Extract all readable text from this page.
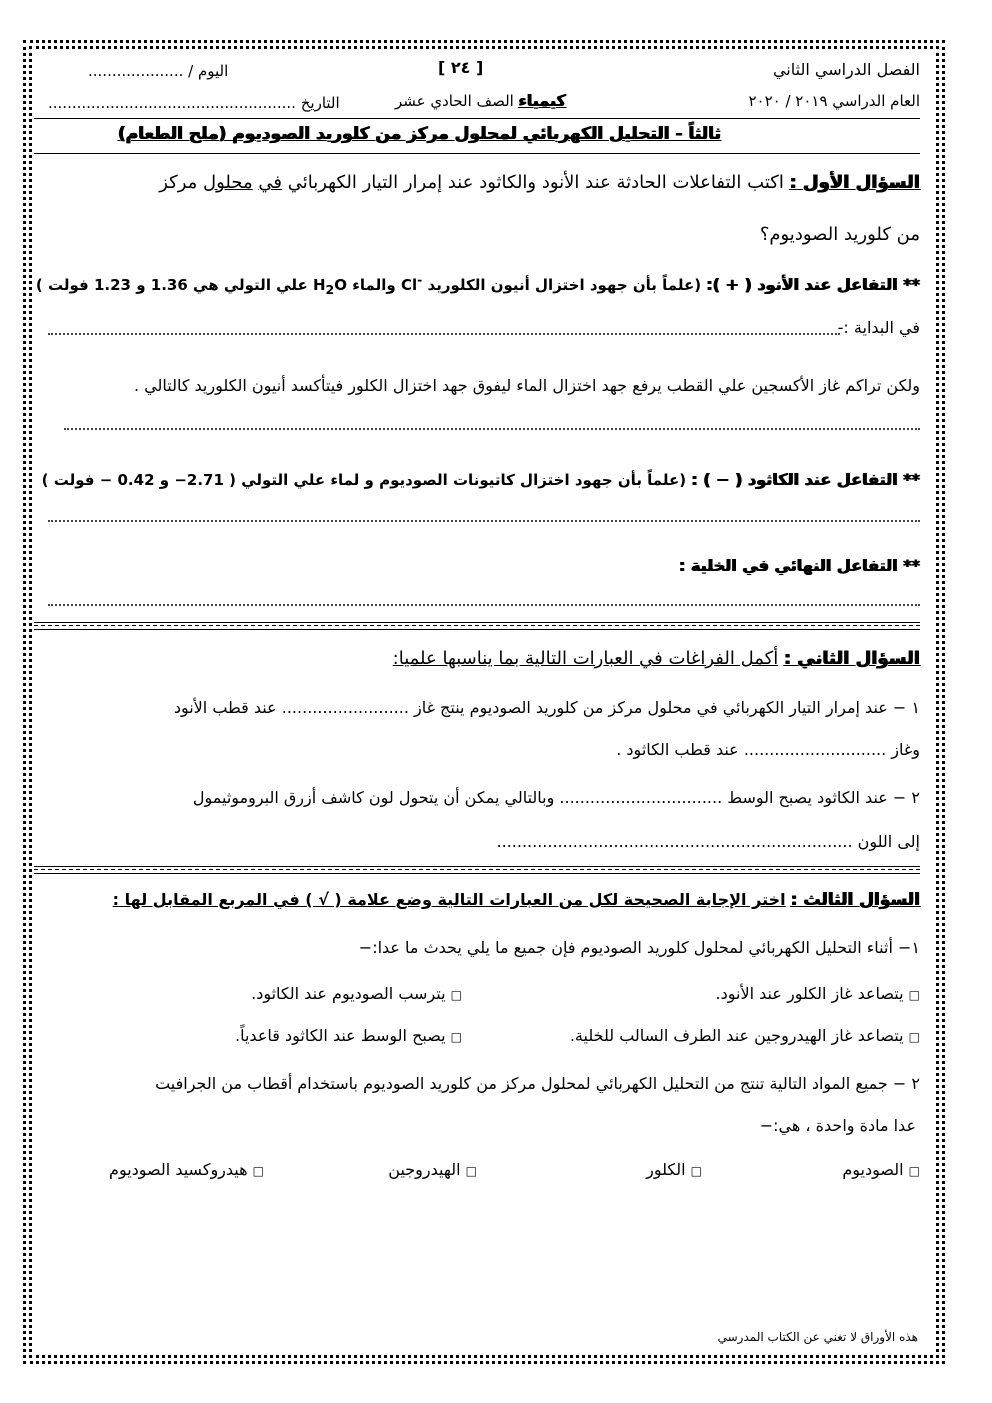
الفصل الدراسي الثاني
[ ٢٤ ]
اليوم / ....................
العام الدراسي ٢٠١٩ / ٢٠٢٠
كيمياء الصف الحادي عشر
التاريخ ....................................................
ثالثاً - التحليل الكهربائي لمحلول مركز من كلوريد الصوديوم (ملح الطعام)
السؤال الأول : اكتب التفاعلات الحادثة عند الأنود والكاثود عند إمرار التيار الكهربائي في محلول مركز
من كلوريد الصوديوم؟
** التفاعل عند الأنود ( + ): (علماً بأن جهود اختزال أنيون الكلوريد Cl- والماء $H_2O$ علي التولي هي 1.36 و 1.23 فولت )
في البداية :-
ولكن تراكم غاز الأكسجين علي القطب يرفع جهد اختزال الماء ليفوق جهد اختزال الكلور فيتأكسد أنيون الكلوريد كالتالي .
** التفاعل عند الكاثود ( − ) : (علماً بأن جهود اختزال كاتيونات الصوديوم و لماء علي التولي ( 2.71− و 0.42 − فولت )
** التفاعل النهائي في الخلية :
السؤال الثاني : أكمل الفراغات في العبارات التالية بما يناسبها علميا:
١ − عند إمرار التيار الكهربائي في محلول مركز من كلوريد الصوديوم ينتج غاز ......................... عند قطب الأنود
وغاز ............................ عند قطب الكاثود .
٢ − عند الكاثود يصبح الوسط ................................ وبالتالي يمكن أن يتحول لون كاشف أزرق البروموثيمول
إلى اللون ......................................................................
السؤال الثالث : اختر الإجابة الصحيحة لكل من العبارات التالية وضع علامة ( √ ) في المربع المقابل لها :
١− أثناء التحليل الكهربائي لمحلول كلوريد الصوديوم فإن جميع ما يلي يحدث ما عدا:−
□ يتصاعد غاز الكلور عند الأنود.
□ يترسب الصوديوم عند الكاثود.
□ يتصاعد غاز الهيدروجين عند الطرف السالب للخلية.
□ يصبح الوسط عند الكاثود قاعدياً.
٢ − جميع المواد التالية تنتج من التحليل الكهربائي لمحلول مركز من كلوريد الصوديوم باستخدام أقطاب من الجرافيت
عدا مادة واحدة ، هي:−
□ الصوديوم
□ الكلور
□ الهيدروجين
□ هيدروكسيد الصوديوم
هذه الأوراق لا تغني عن الكتاب المدرسي
